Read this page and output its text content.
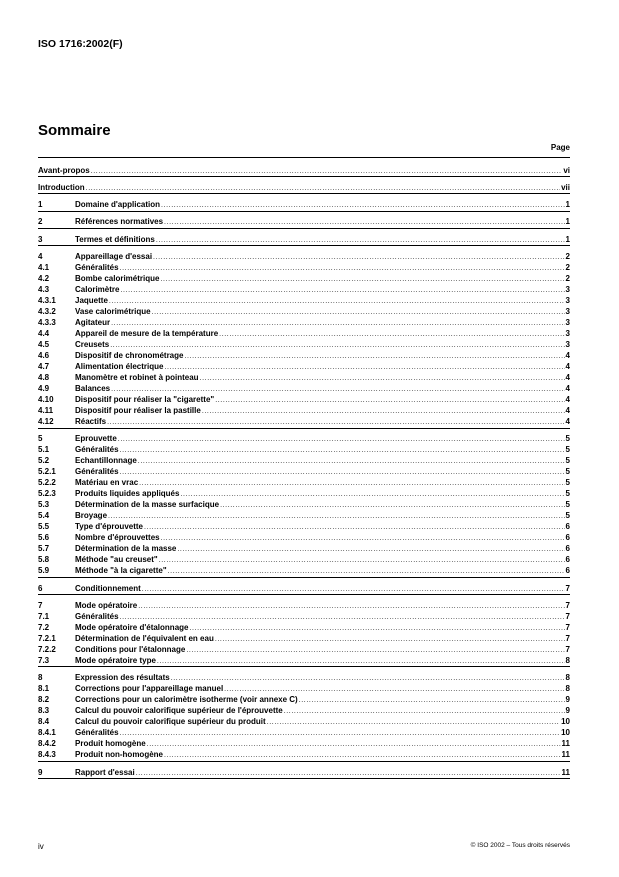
ISO 1716:2002(F)
Sommaire
Page
Avant-propos .....	vi
Introduction .....	vii
1	Domaine d'application .....	1
2	Références normatives .....	1
3	Termes et définitions .....	1
4	Appareillage d'essai .....	2
4.1	Généralités .....	2
4.2	Bombe calorimétrique .....	2
4.3	Calorimètre .....	3
4.3.1	Jaquette .....	3
4.3.2	Vase calorimétrique .....	3
4.3.3	Agitateur .....	3
4.4	Appareil de mesure de la température .....	3
4.5	Creusets .....	3
4.6	Dispositif de chronométrage .....	4
4.7	Alimentation électrique .....	4
4.8	Manomètre et robinet à pointeau .....	4
4.9	Balances .....	4
4.10	Dispositif pour réaliser la "cigarette" .....	4
4.11	Dispositif pour réaliser la pastille .....	4
4.12	Réactifs .....	4
5	Eprouvette .....	5
5.1	Généralités .....	5
5.2	Echantillonnage .....	5
5.2.1	Généralités .....	5
5.2.2	Matériau en vrac .....	5
5.2.3	Produits liquides appliqués .....	5
5.3	Détermination de la masse surfacique .....	5
5.4	Broyage .....	5
5.5	Type d'éprouvette .....	6
5.6	Nombre d'éprouvettes .....	6
5.7	Détermination de la masse .....	6
5.8	Méthode "au creuset" .....	6
5.9	Méthode "à la cigarette" .....	6
6	Conditionnement .....	7
7	Mode opératoire .....	7
7.1	Généralités .....	7
7.2	Mode opératoire d'étalonnage .....	7
7.2.1	Détermination de l'équivalent en eau .....	7
7.2.2	Conditions pour l'étalonnage .....	7
7.3	Mode opératoire type .....	8
8	Expression des résultats .....	8
8.1	Corrections pour l'appareillage manuel .....	8
8.2	Corrections pour un calorimètre isotherme (voir annexe C) .....	9
8.3	Calcul du pouvoir calorifique supérieur de l'éprouvette .....	9
8.4	Calcul du pouvoir calorifique supérieur du produit .....	10
8.4.1	Généralités .....	10
8.4.2	Produit homogène .....	11
8.4.3	Produit non-homogène .....	11
9	Rapport d'essai .....	11
iv	© ISO 2002 – Tous droits réservés
